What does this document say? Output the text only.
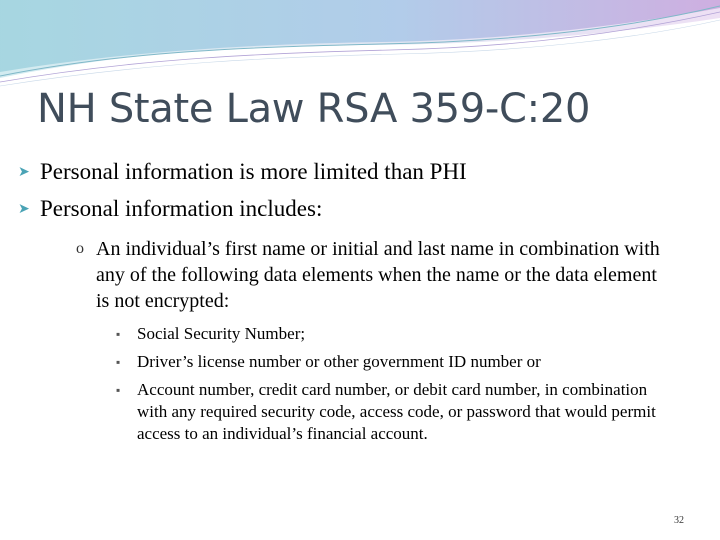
NH State Law RSA 359-C:20
➤ Personal information is more limited than PHI
➤ Personal information includes:
o An individual’s first name or initial and last name in combination with any of the following data elements when the name or the data element is not encrypted:
▪ Social Security Number;
▪ Driver’s license number or other government ID number or
▪ Account number, credit card number, or debit card number, in combination with any required security code, access code, or password that would permit access to an individual’s financial account.
32
